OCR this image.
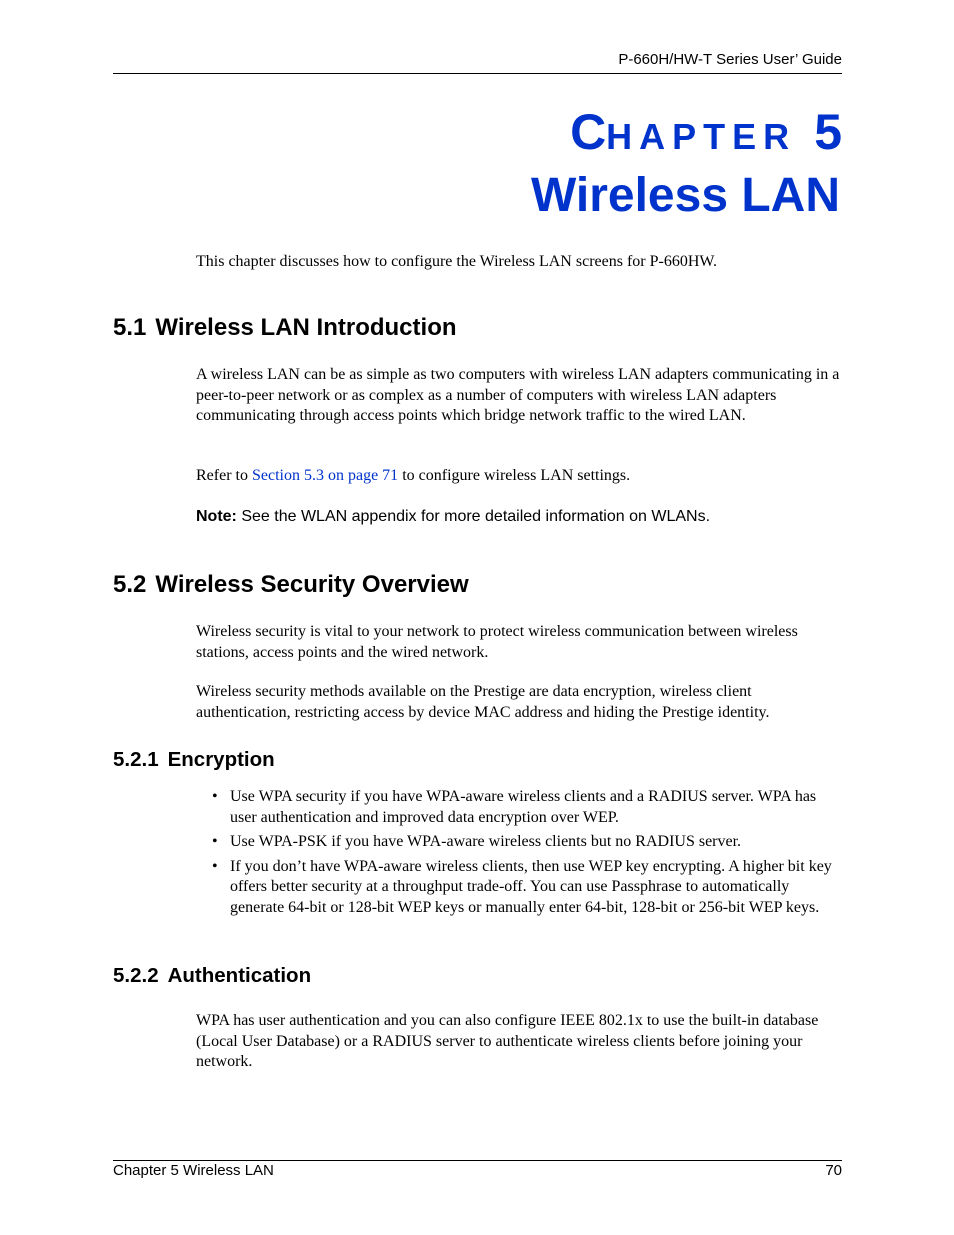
P-660H/HW-T Series User’ Guide
CHAPTER 5
Wireless LAN

This chapter discusses how to configure the Wireless LAN screens for P-660HW.

5.1 Wireless LAN Introduction

A wireless LAN can be as simple as two computers with wireless LAN adapters communicating in a peer-to-peer network or as complex as a number of computers with wireless LAN adapters communicating through access points which bridge network traffic to the wired LAN.

Refer to Section 5.3 on page 71 to configure wireless LAN settings.

Note: See the WLAN appendix for more detailed information on WLANs.

5.2 Wireless Security Overview

Wireless security is vital to your network to protect wireless communication between wireless stations, access points and the wired network.

Wireless security methods available on the Prestige are data encryption, wireless client authentication, restricting access by device MAC address and hiding the Prestige identity.

5.2.1 Encryption
• Use WPA security if you have WPA-aware wireless clients and a RADIUS server. WPA has user authentication and improved data encryption over WEP.
• Use WPA-PSK if you have WPA-aware wireless clients but no RADIUS server.
• If you don’t have WPA-aware wireless clients, then use WEP key encrypting. A higher bit key offers better security at a throughput trade-off. You can use Passphrase to automatically generate 64-bit or 128-bit WEP keys or manually enter 64-bit, 128-bit or 256-bit WEP keys.
5.2.2 Authentication

WPA has user authentication and you can also configure IEEE 802.1x to use the built-in database (Local User Database) or a RADIUS server to authenticate wireless clients before joining your network.

Chapter 5 Wireless LAN	70
